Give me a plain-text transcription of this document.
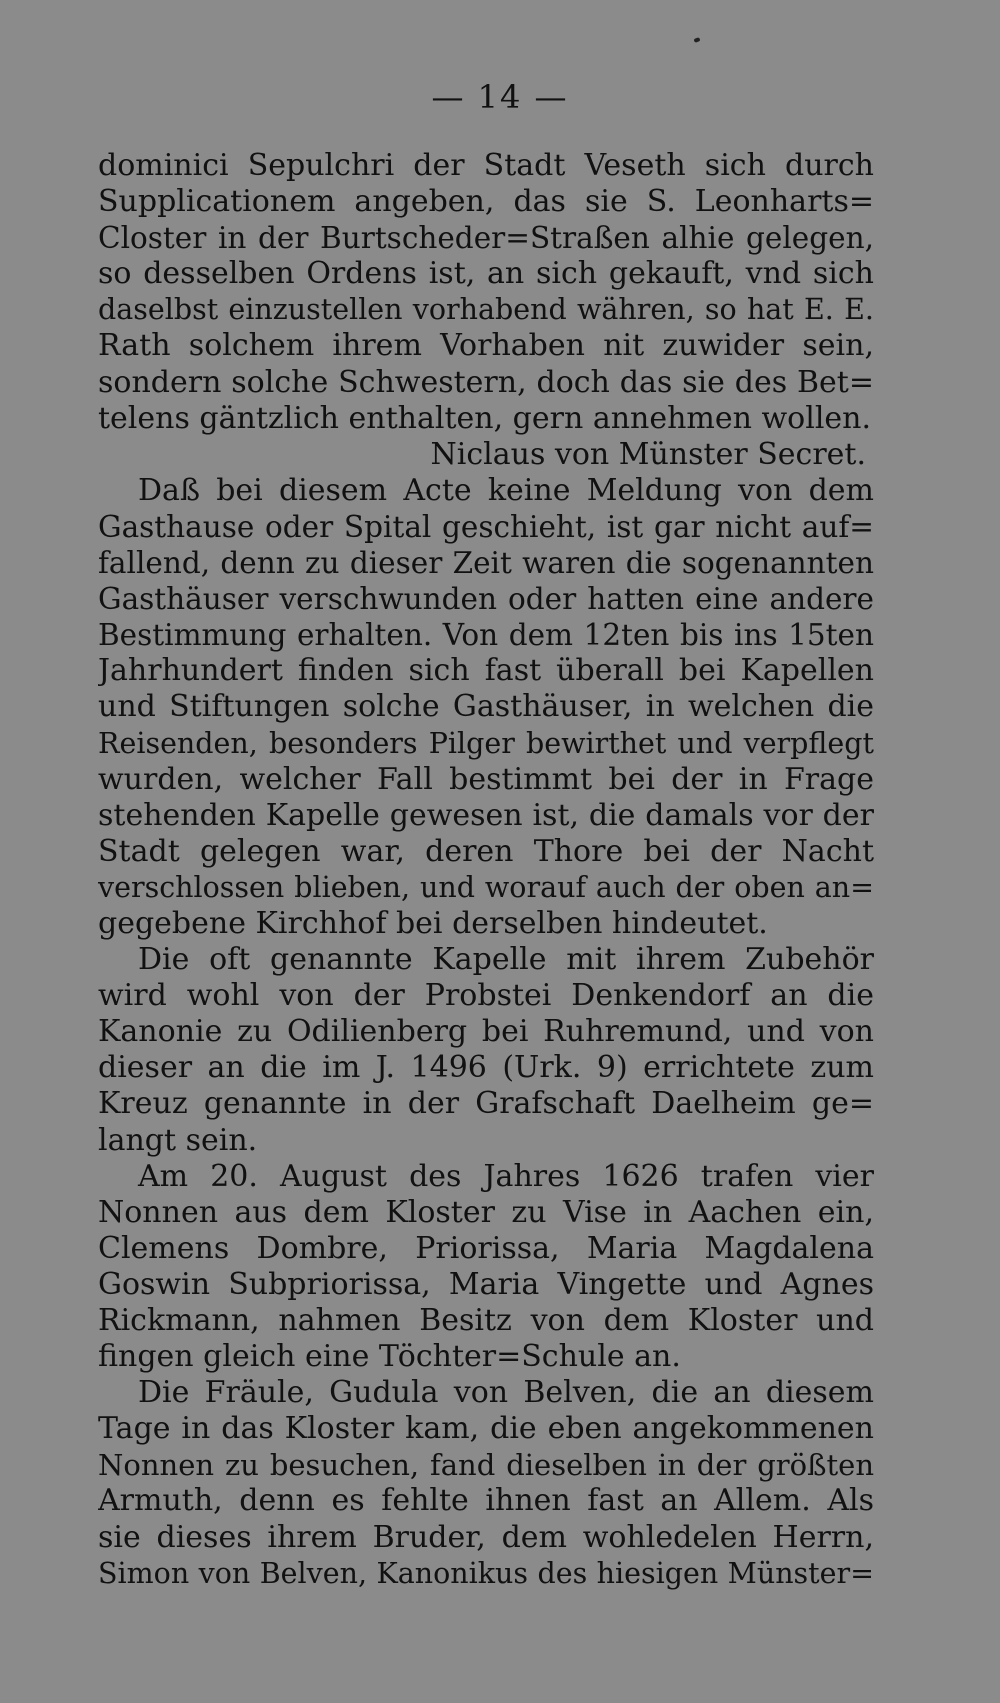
— 14 —
dominici Sepulchri der Stadt Veseth sich durch
Supplicationem angeben, das sie S. Leonharts=
Closter in der Burtscheder=Straßen alhie gelegen,
so desselben Ordens ist, an sich gekauft, vnd sich
daselbst einzustellen vorhabend währen, so hat E. E.
Rath solchem ihrem Vorhaben nit zuwider sein,
sondern solche Schwestern, doch das sie des Bet=
telens gäntzlich enthalten, gern annehmen wollen.
Niclaus von Münster Secret.
Daß bei diesem Acte keine Meldung von dem
Gasthause oder Spital geschieht, ist gar nicht auf=
fallend, denn zu dieser Zeit waren die sogenannten
Gasthäuser verschwunden oder hatten eine andere
Bestimmung erhalten. Von dem 12ten bis ins 15ten
Jahrhundert finden sich fast überall bei Kapellen
und Stiftungen solche Gasthäuser, in welchen die
Reisenden, besonders Pilger bewirthet und verpflegt
wurden, welcher Fall bestimmt bei der in Frage
stehenden Kapelle gewesen ist, die damals vor der
Stadt gelegen war, deren Thore bei der Nacht
verschlossen blieben, und worauf auch der oben an=
gegebene Kirchhof bei derselben hindeutet.
Die oft genannte Kapelle mit ihrem Zubehör
wird wohl von der Probstei Denkendorf an die
Kanonie zu Odilienberg bei Ruhremund, und von
dieser an die im J. 1496 (Urk. 9) errichtete zum
Kreuz genannte in der Grafschaft Daelheim ge=
langt sein.
Am 20. August des Jahres 1626 trafen vier
Nonnen aus dem Kloster zu Vise in Aachen ein,
Clemens Dombre, Priorissa, Maria Magdalena
Goswin Subpriorissa, Maria Vingette und Agnes
Rickmann, nahmen Besitz von dem Kloster und
fingen gleich eine Töchter=Schule an.
Die Fräule, Gudula von Belven, die an diesem
Tage in das Kloster kam, die eben angekommenen
Nonnen zu besuchen, fand dieselben in der größten
Armuth, denn es fehlte ihnen fast an Allem. Als
sie dieses ihrem Bruder, dem wohledelen Herrn,
Simon von Belven, Kanonikus des hiesigen Münster=
